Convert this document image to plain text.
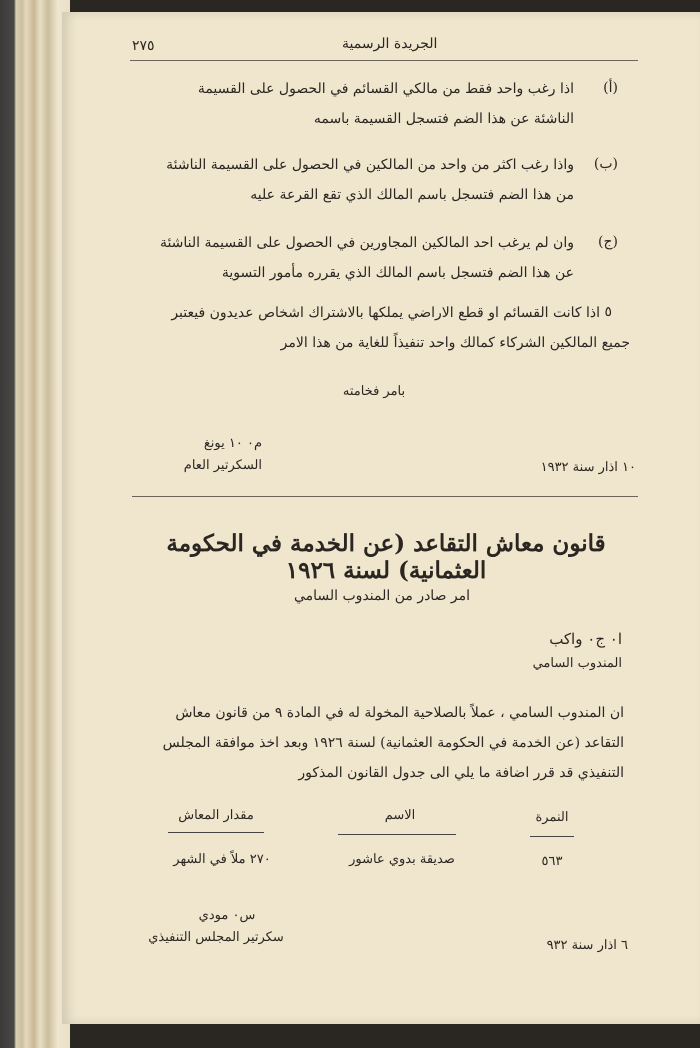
٢٧٥	الجريدة الرسمية
(أ)
اذا رغب واحد فقط من مالكي القسائم في الحصول على القسيمة الناشئة عن هذا الضم فتسجل القسيمة باسمه
(ب)
واذا رغب اكثر من واحد من المالكين في الحصول على القسيمة الناشئة من هذا الضم فتسجل باسم المالك الذي تقع القرعة عليه
(ج)
وان لم يرغب احد المالكين المجاورين في الحصول على القسيمة الناشئة عن هذا الضم فتسجل باسم المالك الذي يقرره مأمور التسوية
٥
اذا كانت القسائم او قطع الاراضي يملكها بالاشتراك اشخاص عديدون فيعتبر جميع المالكين الشركاء كمالك واحد تنفيذاً للغاية من هذا الامر
بامر فخامته
م٠ ١٠ يونغ
السكرتير العام	١٠ اذار سنة ١٩٣٢
قانون معاش التقاعد (عن الخدمة في الحكومة العثمانية) لسنة ١٩٢٦
امر صادر من المندوب السامي
ا٠ ج٠ واكب
المندوب السامي
ان المندوب السامي ، عملاً بالصلاحية المخولة له في المادة ٩ من قانون معاش التقاعد (عن الخدمة في الحكومة العثمانية) لسنة ١٩٢٦ وبعد اخذ موافقة المجلس التنفيذي قد قرر اضافة ما يلي الى جدول القانون المذكور
النمرة
الاسم
مقدار المعاش
٥٦٣
صديقة بدوي عاشور
٢٧٠ ملاً في الشهر
س٠ مودي
سكرتير المجلس التنفيذي
٦ اذار سنة ٩٣٢
